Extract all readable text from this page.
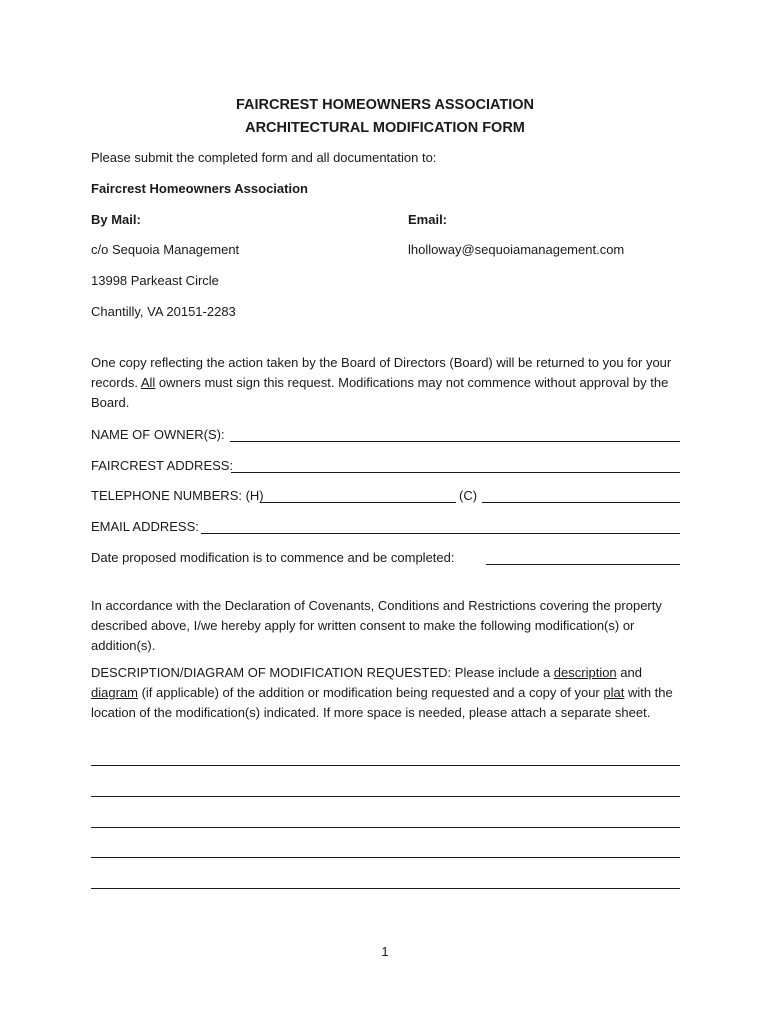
FAIRCREST HOMEOWNERS ASSOCIATION
ARCHITECTURAL MODIFICATION FORM
Please submit the completed form and all documentation to:
Faircrest Homeowners Association
By Mail:	Email:
c/o Sequoia Management	lholloway@sequoiamanagement.com
13998 Parkeast Circle
Chantilly, VA 20151-2283
One copy reflecting the action taken by the Board of Directors (Board) will be returned to you for your records. All owners must sign this request. Modifications may not commence without approval by the Board.
NAME OF OWNER(S):
FAIRCREST ADDRESS:
TELEPHONE NUMBERS: (H)	(C)
EMAIL ADDRESS:
Date proposed modification is to commence and be completed:
In accordance with the Declaration of Covenants, Conditions and Restrictions covering the property described above, I/we hereby apply for written consent to make the following modification(s) or addition(s).
DESCRIPTION/DIAGRAM OF MODIFICATION REQUESTED: Please include a description and diagram (if applicable) of the addition or modification being requested and a copy of your plat with the location of the modification(s) indicated. If more space is needed, please attach a separate sheet.
1
